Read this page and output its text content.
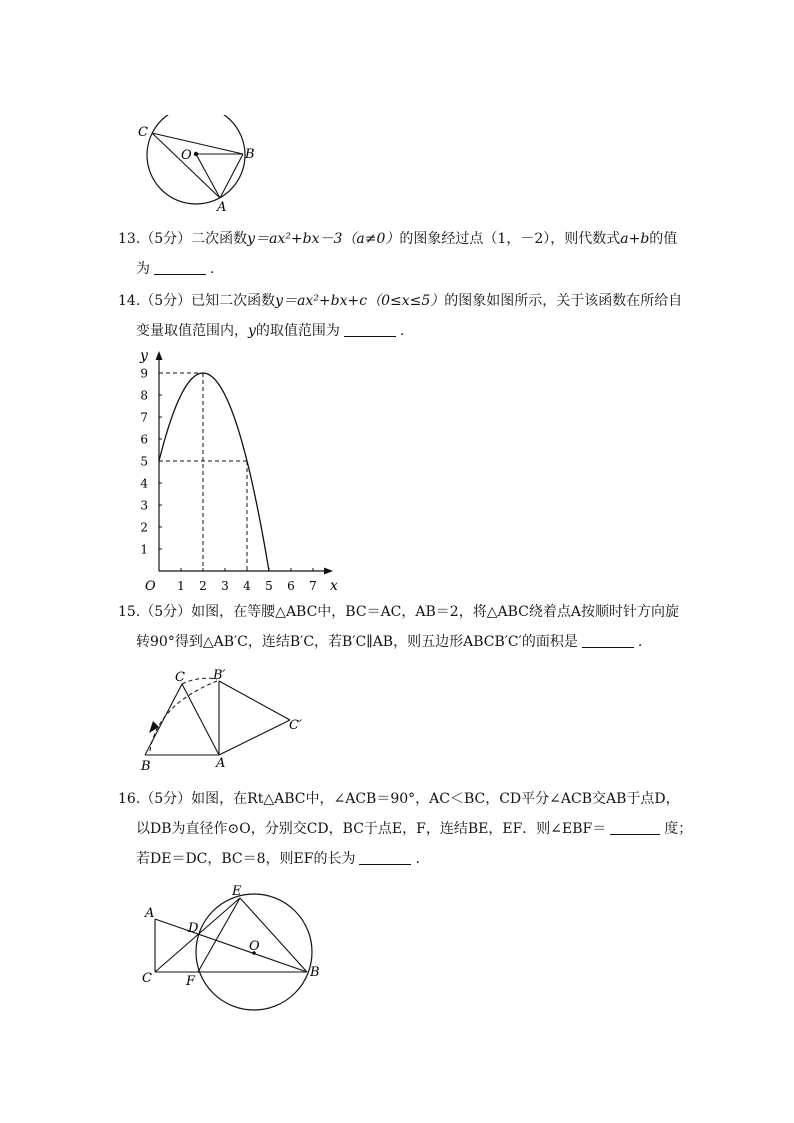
C
O	B
A
13.（5分）二次函数y＝ax²+bx－3（a≠0）的图象经过点（1，－2），则代数式a+b的值
为	.
14.（5分）已知二次函数y＝ax²+bx+c（0≤x≤5）的图象如图所示，关于该函数在所给自
变量取值范围内，y的取值范围为	.
x
y
O 1 2 3 4 5 6 7
1
2
3
4
5
6
7
8
9
15.（5分）如图，在等腰△ABC中，BC＝AC，AB＝2，将△ABC绕着点A按顺时针方向旋
转90°得到△AB′C，连结B′C，若B′C∥AB，则五边形ABCB′C′的面积是	.
C B′
C′
B	A
16.（5分）如图，在Rt△ABC中，∠ACB＝90°，AC＜BC，CD平分∠ACB交AB于点D，
以DB为直径作⊙O，分别交CD，BC于点E，F，连结BE，EF．则∠EBF＝	度；
若DE＝DC，BC＝8，则EF的长为	.
A
D
E
O
C	F
B
